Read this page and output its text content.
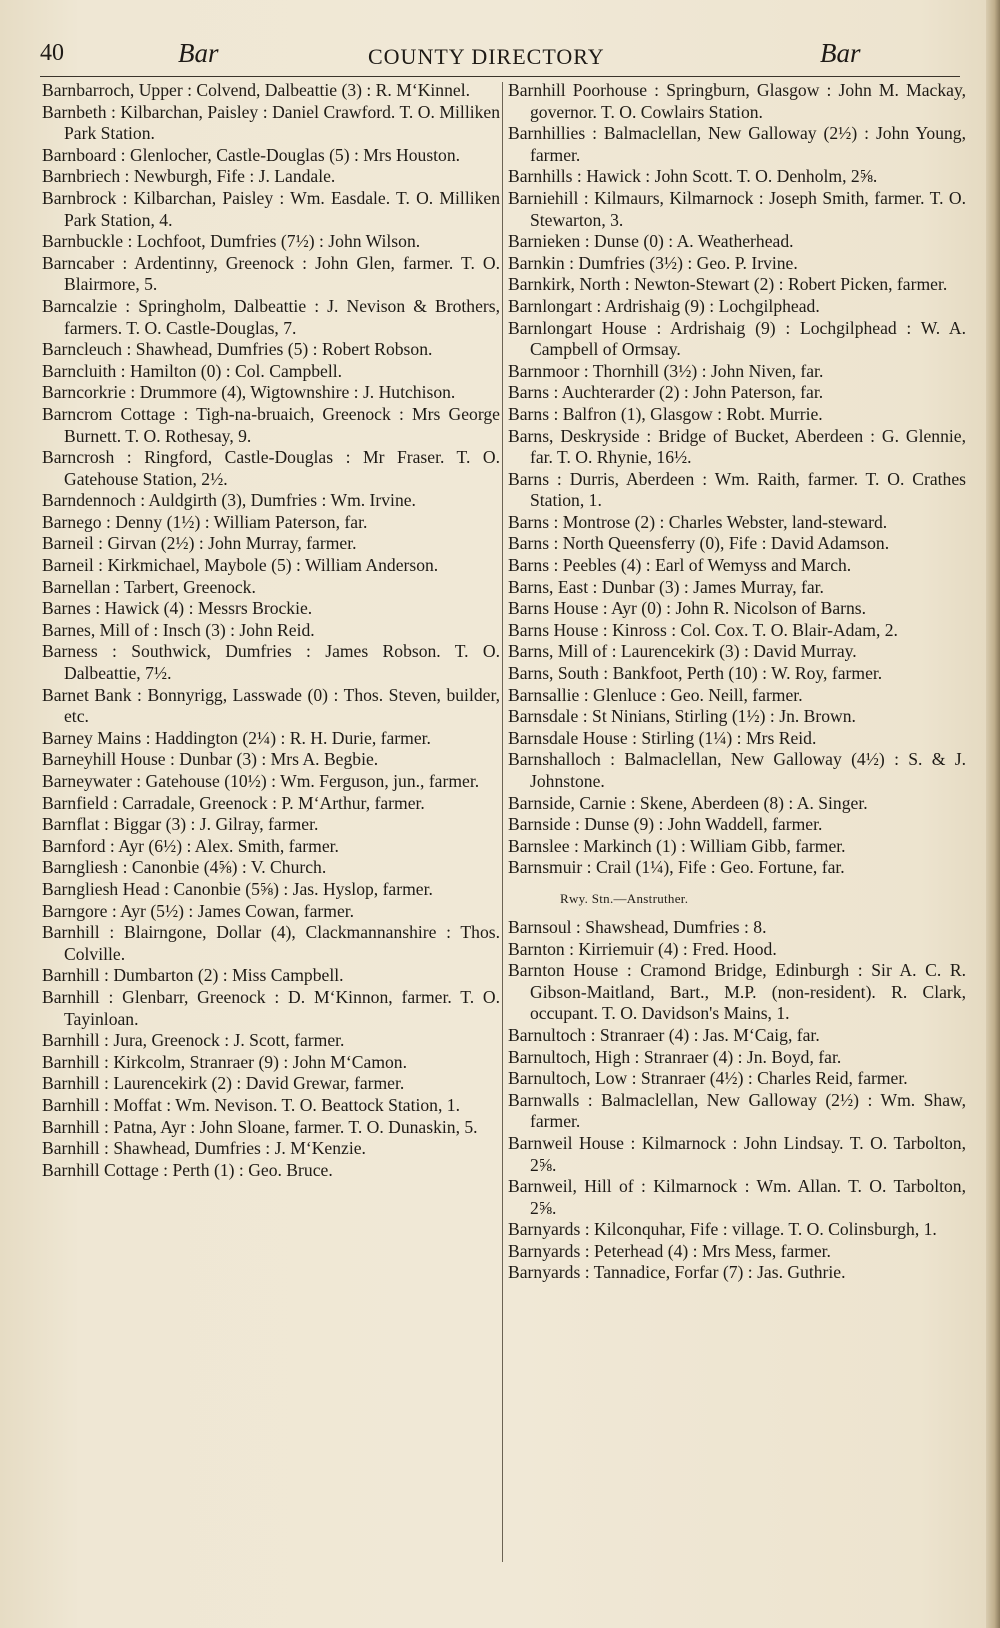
40	Bar	COUNTY DIRECTORY	Bar

Barnbarroch, Upper : Colvend, Dalbeattie (3) : R. M‘Kinnel.

Barnbeth : Kilbarchan, Paisley : Daniel Crawford. T. O. Milliken Park Station.

Barnboard : Glenlocher, Castle-Douglas (5) : Mrs Houston.

Barnbriech : Newburgh, Fife : J. Landale.

Barnbrock : Kilbarchan, Paisley : Wm. Easdale. T. O. Milliken Park Station, 4.

Barnbuckle : Lochfoot, Dumfries (7½) : John Wilson.

Barncaber : Ardentinny, Greenock : John Glen, farmer. T. O. Blairmore, 5.

Barncalzie : Springholm, Dalbeattie : J. Nevison & Brothers, farmers. T. O. Castle-Douglas, 7.

Barncleuch : Shawhead, Dumfries (5) : Robert Robson.

Barncluith : Hamilton (0) : Col. Campbell.

Barncorkrie : Drummore (4), Wigtownshire : J. Hutchison.

Barncrom Cottage : Tigh-na-bruaich, Greenock : Mrs George Burnett. T. O. Rothesay, 9.

Barncrosh : Ringford, Castle-Douglas : Mr Fraser. T. O. Gatehouse Station, 2½.

Barndennoch : Auldgirth (3), Dumfries : Wm. Irvine.

Barnego : Denny (1½) : William Paterson, far.

Barneil : Girvan (2½) : John Murray, farmer.

Barneil : Kirkmichael, Maybole (5) : William Anderson.

Barnellan : Tarbert, Greenock.

Barnes : Hawick (4) : Messrs Brockie.

Barnes, Mill of : Insch (3) : John Reid.

Barness : Southwick, Dumfries : James Robson. T. O. Dalbeattie, 7½.

Barnet Bank : Bonnyrigg, Lasswade (0) : Thos. Steven, builder, etc.

Barney Mains : Haddington (2¼) : R. H. Durie, farmer.

Barneyhill House : Dunbar (3) : Mrs A. Begbie.

Barneywater : Gatehouse (10½) : Wm. Ferguson, jun., farmer.

Barnfield : Carradale, Greenock : P. M‘Arthur, farmer.

Barnflat : Biggar (3) : J. Gilray, farmer.

Barnford : Ayr (6½) : Alex. Smith, farmer.

Barngliesh : Canonbie (4⅝) : V. Church.

Barngliesh Head : Canonbie (5⅝) : Jas. Hyslop, farmer.

Barngore : Ayr (5½) : James Cowan, farmer.

Barnhill : Blairngone, Dollar (4), Clackmannanshire : Thos. Colville.

Barnhill : Dumbarton (2) : Miss Campbell.

Barnhill : Glenbarr, Greenock : D. M‘Kinnon, farmer. T. O. Tayinloan.

Barnhill : Jura, Greenock : J. Scott, farmer.

Barnhill : Kirkcolm, Stranraer (9) : John M‘Camon.

Barnhill : Laurencekirk (2) : David Grewar, farmer.

Barnhill : Moffat : Wm. Nevison. T. O. Beattock Station, 1.

Barnhill : Patna, Ayr : John Sloane, farmer. T. O. Dunaskin, 5.

Barnhill : Shawhead, Dumfries : J. M‘Kenzie.

Barnhill Cottage : Perth (1) : Geo. Bruce.

Barnhill Poorhouse : Springburn, Glasgow : John M. Mackay, governor. T. O. Cowlairs Station.

Barnhillies : Balmaclellan, New Galloway (2½) : John Young, farmer.

Barnhills : Hawick : John Scott. T. O. Denholm, 2⅝.

Barniehill : Kilmaurs, Kilmarnock : Joseph Smith, farmer. T. O. Stewarton, 3.

Barnieken : Dunse (0) : A. Weatherhead.

Barnkin : Dumfries (3½) : Geo. P. Irvine.

Barnkirk, North : Newton-Stewart (2) : Robert Picken, farmer.

Barnlongart : Ardrishaig (9) : Lochgilphead.

Barnlongart House : Ardrishaig (9) : Lochgilphead : W. A. Campbell of Ormsay.

Barnmoor : Thornhill (3½) : John Niven, far.

Barns : Auchterarder (2) : John Paterson, far.

Barns : Balfron (1), Glasgow : Robt. Murrie.

Barns, Deskryside : Bridge of Bucket, Aberdeen : G. Glennie, far. T. O. Rhynie, 16½.

Barns : Durris, Aberdeen : Wm. Raith, farmer. T. O. Crathes Station, 1.

Barns : Montrose (2) : Charles Webster, land-steward.

Barns : North Queensferry (0), Fife : David Adamson.

Barns : Peebles (4) : Earl of Wemyss and March.

Barns, East : Dunbar (3) : James Murray, far.

Barns House : Ayr (0) : John R. Nicolson of Barns.

Barns House : Kinross : Col. Cox. T. O. Blair-Adam, 2.

Barns, Mill of : Laurencekirk (3) : David Murray.

Barns, South : Bankfoot, Perth (10) : W. Roy, farmer.

Barnsallie : Glenluce : Geo. Neill, farmer.

Barnsdale : St Ninians, Stirling (1½) : Jn. Brown.

Barnsdale House : Stirling (1¼) : Mrs Reid.

Barnshalloch : Balmaclellan, New Galloway (4½) : S. & J. Johnstone.

Barnside, Carnie : Skene, Aberdeen (8) : A. Singer.

Barnside : Dunse (9) : John Waddell, farmer.

Barnslee : Markinch (1) : William Gibb, farmer.

Barnsmuir : Crail (1¼), Fife : Geo. Fortune, far.

Rwy. Stn.—Anstruther.

Barnsoul : Shawshead, Dumfries : 8.

Barnton : Kirriemuir (4) : Fred. Hood.

Barnton House : Cramond Bridge, Edinburgh : Sir A. C. R. Gibson-Maitland, Bart., M.P. (non-resident). R. Clark, occupant. T. O. Davidson's Mains, 1.

Barnultoch : Stranraer (4) : Jas. M‘Caig, far.

Barnultoch, High : Stranraer (4) : Jn. Boyd, far.

Barnultoch, Low : Stranraer (4½) : Charles Reid, farmer.

Barnwalls : Balmaclellan, New Galloway (2½) : Wm. Shaw, farmer.

Barnweil House : Kilmarnock : John Lindsay. T. O. Tarbolton, 2⅝.

Barnweil, Hill of : Kilmarnock : Wm. Allan. T. O. Tarbolton, 2⅝.

Barnyards : Kilconquhar, Fife : village. T. O. Colinsburgh, 1.

Barnyards : Peterhead (4) : Mrs Mess, farmer.

Barnyards : Tannadice, Forfar (7) : Jas. Guthrie.
